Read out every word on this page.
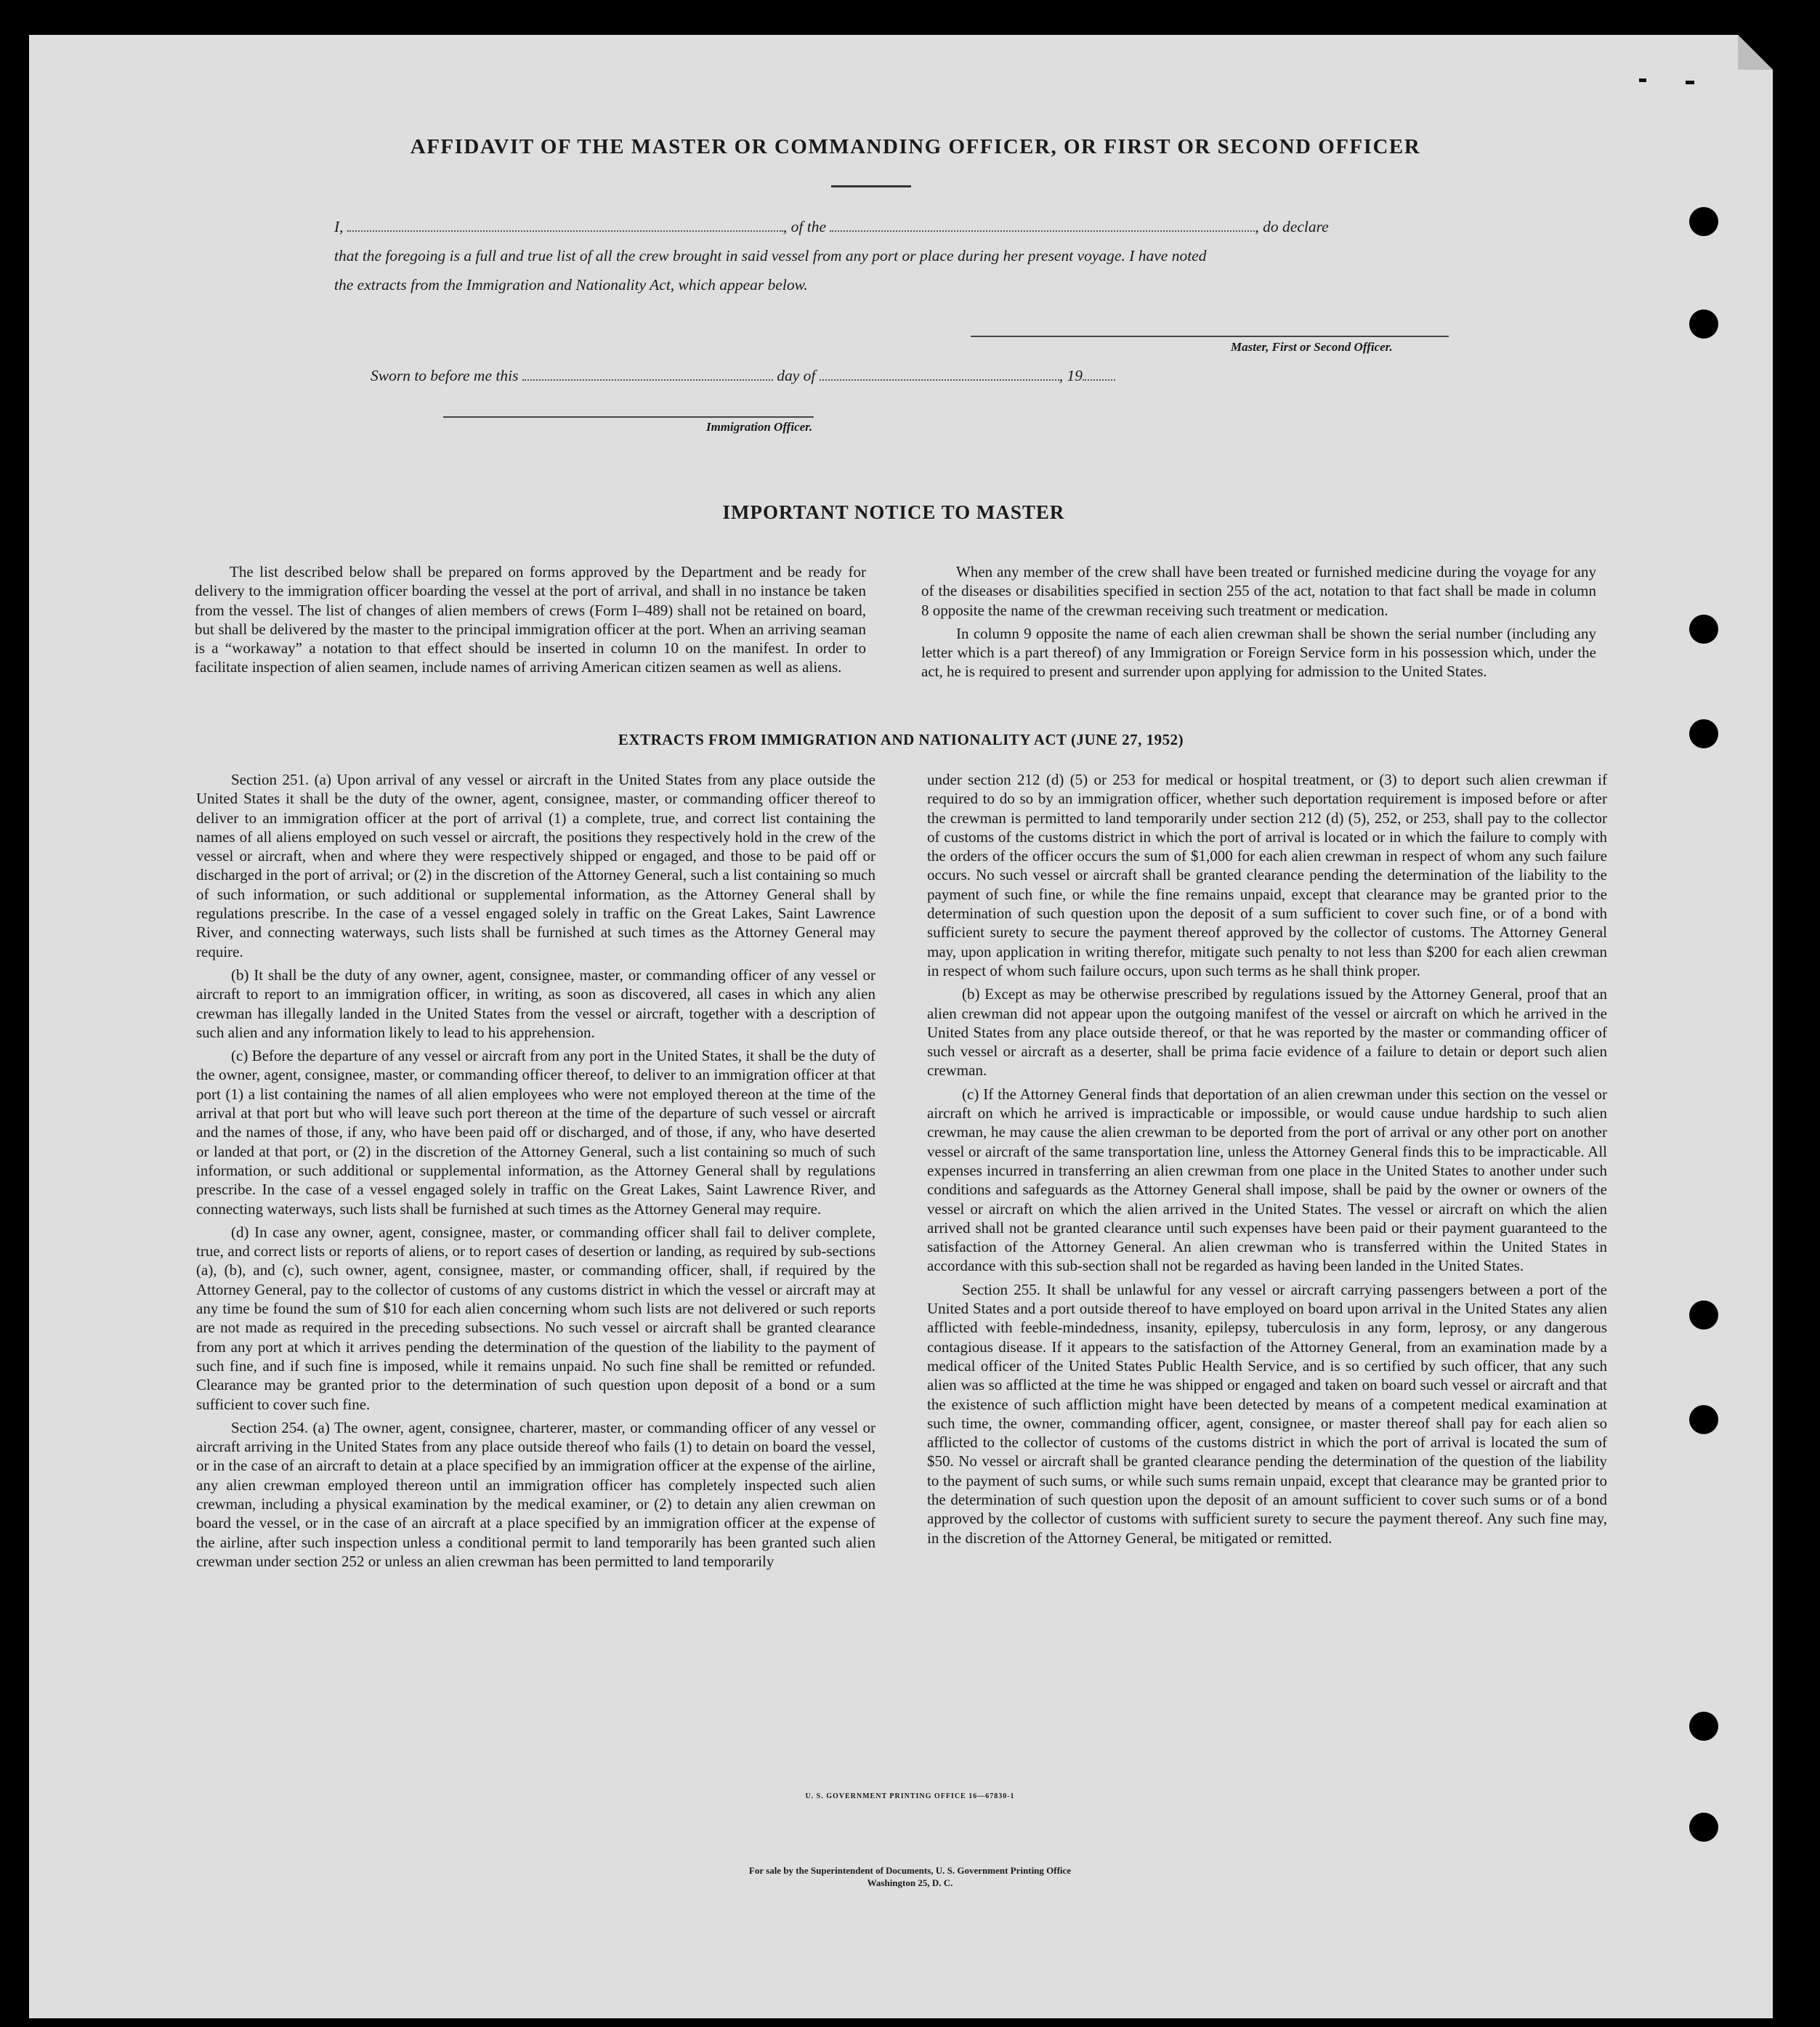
AFFIDAVIT OF THE MASTER OR COMMANDING OFFICER, OR FIRST OR SECOND OFFICER
I,	, of the	, do declare
that the foregoing is a full and true list of all the crew brought in said vessel from any port or place during her present voyage. I have noted
the extracts from the Immigration and Nationality Act, which appear below.
Master, First or Second Officer.
Sworn to before me this	day of	, 19
Immigration Officer.
IMPORTANT NOTICE TO MASTER

The list described below shall be prepared on forms approved by the Department and be ready for delivery to the immigration officer boarding the vessel at the port of arrival, and shall in no instance be taken from the vessel. The list of changes of alien members of crews (Form I–489) shall not be retained on board, but shall be delivered by the master to the principal immigration officer at the port. When an arriving seaman is a “workaway” a notation to that effect should be inserted in column 10 on the manifest. In order to facilitate inspection of alien seamen, include names of arriving American citizen seamen as well as aliens.

When any member of the crew shall have been treated or furnished medicine during the voyage for any of the diseases or disabilities specified in section 255 of the act, notation to that fact shall be made in column 8 opposite the name of the crewman receiving such treatment or medication.

In column 9 opposite the name of each alien crewman shall be shown the serial number (including any letter which is a part thereof) of any Immigration or Foreign Service form in his possession which, under the act, he is required to present and surrender upon applying for admission to the United States.

EXTRACTS FROM IMMIGRATION AND NATIONALITY ACT (JUNE 27, 1952)

Section 251. (a) Upon arrival of any vessel or aircraft in the United States from any place outside the United States it shall be the duty of the owner, agent, consignee, master, or commanding officer thereof to deliver to an immigration officer at the port of arrival (1) a complete, true, and correct list containing the names of all aliens employed on such vessel or aircraft, the positions they respectively hold in the crew of the vessel or aircraft, when and where they were respectively shipped or engaged, and those to be paid off or discharged in the port of arrival; or (2) in the discretion of the Attorney General, such a list containing so much of such information, or such additional or supplemental information, as the Attorney General shall by regulations prescribe. In the case of a vessel engaged solely in traffic on the Great Lakes, Saint Lawrence River, and connecting waterways, such lists shall be furnished at such times as the Attorney General may require.

(b) It shall be the duty of any owner, agent, consignee, master, or commanding officer of any vessel or aircraft to report to an immigration officer, in writing, as soon as discovered, all cases in which any alien crewman has illegally landed in the United States from the vessel or aircraft, together with a description of such alien and any information likely to lead to his apprehension.

(c) Before the departure of any vessel or aircraft from any port in the United States, it shall be the duty of the owner, agent, consignee, master, or commanding officer thereof, to deliver to an immigration officer at that port (1) a list containing the names of all alien employees who were not employed thereon at the time of the arrival at that port but who will leave such port thereon at the time of the departure of such vessel or aircraft and the names of those, if any, who have been paid off or discharged, and of those, if any, who have deserted or landed at that port, or (2) in the discretion of the Attorney General, such a list containing so much of such information, or such additional or supplemental information, as the Attorney General shall by regulations prescribe. In the case of a vessel engaged solely in traffic on the Great Lakes, Saint Lawrence River, and connecting waterways, such lists shall be furnished at such times as the Attorney General may require.

(d) In case any owner, agent, consignee, master, or commanding officer shall fail to deliver complete, true, and correct lists or reports of aliens, or to report cases of desertion or landing, as required by sub-sections (a), (b), and (c), such owner, agent, consignee, master, or commanding officer, shall, if required by the Attorney General, pay to the collector of customs of any customs district in which the vessel or aircraft may at any time be found the sum of $10 for each alien concerning whom such lists are not delivered or such reports are not made as required in the preceding subsections. No such vessel or aircraft shall be granted clearance from any port at which it arrives pending the determination of the question of the liability to the payment of such fine, and if such fine is imposed, while it remains unpaid. No such fine shall be remitted or refunded. Clearance may be granted prior to the determination of such question upon deposit of a bond or a sum sufficient to cover such fine.

Section 254. (a) The owner, agent, consignee, charterer, master, or commanding officer of any vessel or aircraft arriving in the United States from any place outside thereof who fails (1) to detain on board the vessel, or in the case of an aircraft to detain at a place specified by an immigration officer at the expense of the airline, any alien crewman employed thereon until an immigration officer has completely inspected such alien crewman, including a physical examination by the medical examiner, or (2) to detain any alien crewman on board the vessel, or in the case of an aircraft at a place specified by an immigration officer at the expense of the airline, after such inspection unless a conditional permit to land temporarily has been granted such alien crewman under section 252 or unless an alien crewman has been permitted to land temporarily

under section 212 (d) (5) or 253 for medical or hospital treatment, or (3) to deport such alien crewman if required to do so by an immigration officer, whether such deportation requirement is imposed before or after the crewman is permitted to land temporarily under section 212 (d) (5), 252, or 253, shall pay to the collector of customs of the customs district in which the port of arrival is located or in which the failure to comply with the orders of the officer occurs the sum of $1,000 for each alien crewman in respect of whom any such failure occurs. No such vessel or aircraft shall be granted clearance pending the determination of the liability to the payment of such fine, or while the fine remains unpaid, except that clearance may be granted prior to the determination of such question upon the deposit of a sum sufficient to cover such fine, or of a bond with sufficient surety to secure the payment thereof approved by the collector of customs. The Attorney General may, upon application in writing therefor, mitigate such penalty to not less than $200 for each alien crewman in respect of whom such failure occurs, upon such terms as he shall think proper.

(b) Except as may be otherwise prescribed by regulations issued by the Attorney General, proof that an alien crewman did not appear upon the outgoing manifest of the vessel or aircraft on which he arrived in the United States from any place outside thereof, or that he was reported by the master or commanding officer of such vessel or aircraft as a deserter, shall be prima facie evidence of a failure to detain or deport such alien crewman.

(c) If the Attorney General finds that deportation of an alien crewman under this section on the vessel or aircraft on which he arrived is impracticable or impossible, or would cause undue hardship to such alien crewman, he may cause the alien crewman to be deported from the port of arrival or any other port on another vessel or aircraft of the same transportation line, unless the Attorney General finds this to be impracticable. All expenses incurred in transferring an alien crewman from one place in the United States to another under such conditions and safeguards as the Attorney General shall impose, shall be paid by the owner or owners of the vessel or aircraft on which the alien arrived in the United States. The vessel or aircraft on which the alien arrived shall not be granted clearance until such expenses have been paid or their payment guaranteed to the satisfaction of the Attorney General. An alien crewman who is transferred within the United States in accordance with this sub-section shall not be regarded as having been landed in the United States.

Section 255. It shall be unlawful for any vessel or aircraft carrying passengers between a port of the United States and a port outside thereof to have employed on board upon arrival in the United States any alien afflicted with feeble-mindedness, insanity, epilepsy, tuberculosis in any form, leprosy, or any dangerous contagious disease. If it appears to the satisfaction of the Attorney General, from an examination made by a medical officer of the United States Public Health Service, and is so certified by such officer, that any such alien was so afflicted at the time he was shipped or engaged and taken on board such vessel or aircraft and that the existence of such affliction might have been detected by means of a competent medical examination at such time, the owner, commanding officer, agent, consignee, or master thereof shall pay for each alien so afflicted to the collector of customs of the customs district in which the port of arrival is located the sum of $50. No vessel or aircraft shall be granted clearance pending the determination of the question of the liability to the payment of such sums, or while such sums remain unpaid, except that clearance may be granted prior to the determination of such question upon the deposit of an amount sufficient to cover such sums or of a bond approved by the collector of customs with sufficient surety to secure the payment thereof. Any such fine may, in the discretion of the Attorney General, be mitigated or remitted.

U. S. GOVERNMENT PRINTING OFFICE 16—67830-1
For sale by the Superintendent of Documents, U. S. Government Printing Office
Washington 25, D. C.
